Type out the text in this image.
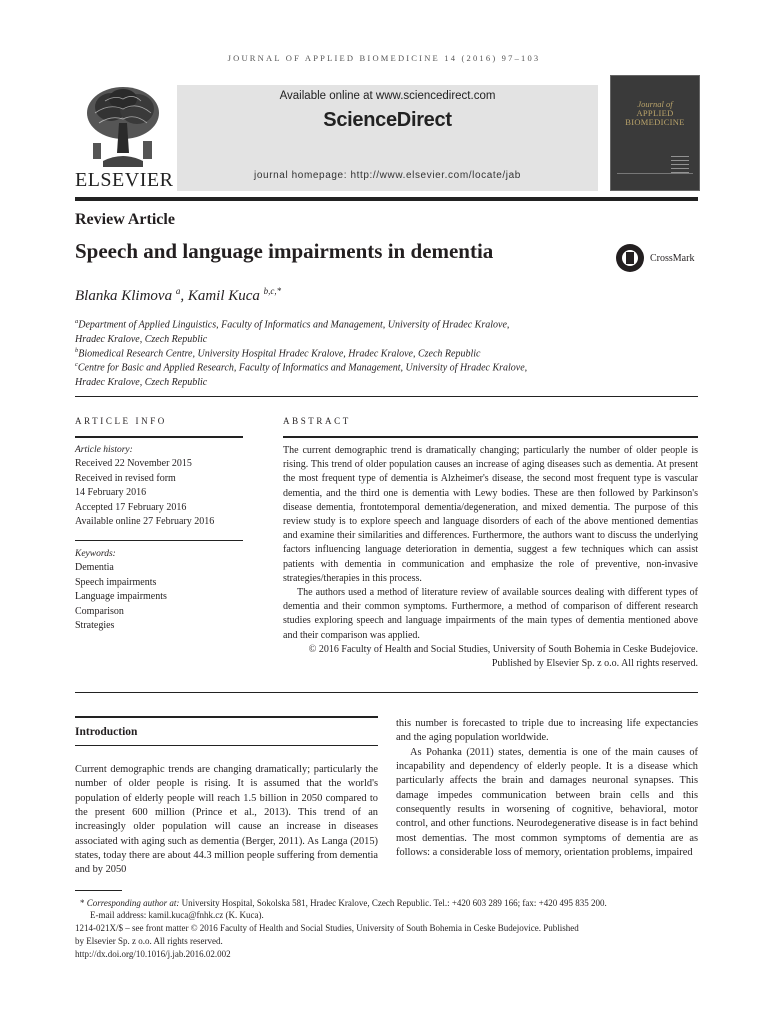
JOURNAL OF APPLIED BIOMEDICINE 14 (2016) 97–103
ELSEVIER
Available online at www.sciencedirect.com
ScienceDirect
journal homepage: http://www.elsevier.com/locate/jab
Journal of
APPLIED
BIOMEDICINE
Review Article
Speech and language impairments in dementia	CrossMark
Blanka Klimova $^a$, Kamil Kuca $^{b,c,*}$
$^a$Department of Applied Linguistics, Faculty of Informatics and Management, University of Hradec Kralove,
Hradec Kralove, Czech Republic
$^b$Biomedical Research Centre, University Hospital Hradec Kralove, Hradec Kralove, Czech Republic
$^c$Centre for Basic and Applied Research, Faculty of Informatics and Management, University of Hradec Kralove,
Hradec Kralove, Czech Republic
ARTICLE INFO	ABSTRACT
Article history:
Received 22 November 2015
Received in revised form
14 February 2016
Accepted 17 February 2016
Available online 27 February 2016
Keywords:
Dementia
Speech impairments
Language impairments
Comparison
Strategies

The current demographic trend is dramatically changing; particularly the number of older people is rising. This trend of older population causes an increase of aging diseases such as dementia. At present the most frequent type of dementia is Alzheimer's disease, the second most frequent type is vascular dementia, and the third one is dementia with Lewy bodies. These are then followed by Parkinson's disease dementia, frontotemporal dementia/degeneration, and mixed dementia. The purpose of this review study is to explore speech and language disorders of each of the above mentioned dementias and examine their similarities and differences. Furthermore, the authors want to discuss the underlying factors influencing language deterioration in dementia, suggest a few techniques which can assist patients with dementia in communication and emphasize the role of preventive, non-invasive strategies/therapies in this process.

The authors used a method of literature review of available sources dealing with different types of dementia and their common symptoms. Furthermore, a method of comparison of different research studies exploring speech and language impairments of the main types of dementia mentioned above and their comparison was applied.

© 2016 Faculty of Health and Social Studies, University of South Bohemia in Ceske Budejovice. Published by Elsevier Sp. z o.o. All rights reserved.

Introduction

Current demographic trends are changing dramatically; particularly the number of older people is rising. It is assumed that the world's population of elderly people will reach 1.5 billion in 2050 compared to the present 600 million (Prince et al., 2013). This trend of an increasingly older population will cause an increase in diseases associated with aging such as dementia (Berger, 2011). As Langa (2015) states, today there are about 44.3 million people suffering from dementia and by 2050

this number is forecasted to triple due to increasing life expectancies and the aging population worldwide.

As Pohanka (2011) states, dementia is one of the main causes of incapability and dependency of elderly people. It is a disease which particularly affects the brain and damages neuronal synapses. This damage impedes communication between brain cells and this consequently results in worsening of cognitive, behavioral, motor control, and other functions. Neurodegenerative disease is in fact behind most dementias. The most common symptoms of dementia are as follows: a considerable loss of memory, orientation problems, impaired

* Corresponding author at: University Hospital, Sokolska 581, Hradec Kralove, Czech Republic. Tel.: +420 603 289 166; fax: +420 495 835 200.
E-mail address: kamil.kuca@fnhk.cz (K. Kuca).
1214-021X/$ – see front matter © 2016 Faculty of Health and Social Studies, University of South Bohemia in Ceske Budejovice. Published
by Elsevier Sp. z o.o. All rights reserved.
http://dx.doi.org/10.1016/j.jab.2016.02.002
